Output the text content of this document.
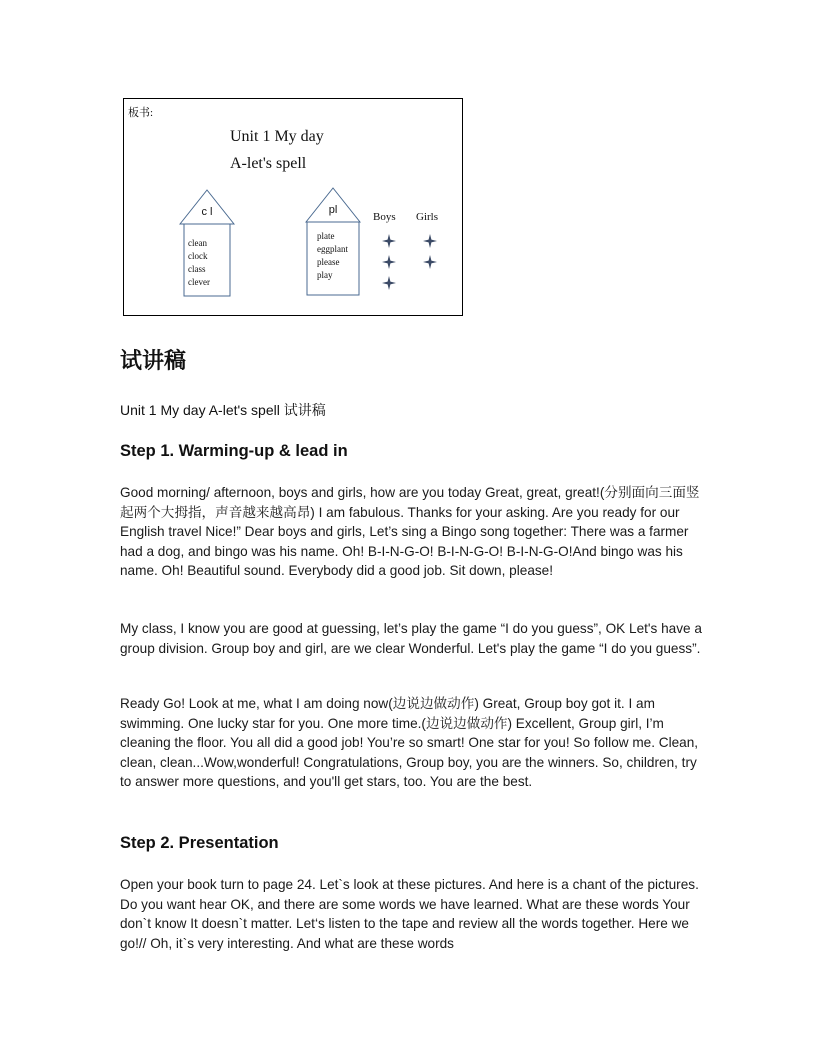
板书:
Unit 1 My day
A-let's spell
c l
clean
clock
class
clever
pl
plate
eggplant
please
play
Boys Girls
试讲稿
Unit 1 My day A-let's spell 试讲稿
Step 1. Warming-up & lead in
Good morning/ afternoon, boys and girls, how are you today Great, great, great!(分别面向三面竖起两个大拇指，声音越来越高昂) I am fabulous. Thanks for your asking. Are you ready for our English travel Nice!” Dear boys and girls, Let’s sing a Bingo song together: There was a farmer had a dog, and bingo was his name. Oh! B-I-N-G-O! B-I-N-G-O! B-I-N-G-O!And bingo was his name. Oh! Beautiful sound. Everybody did a good job. Sit down, please!
My class, I know you are good at guessing, let’s play the game “I do you guess”, OK Let's have a group division. Group boy and girl, are we clear Wonderful. Let's play the game “I do you guess”.
Ready Go! Look at me, what I am doing now(边说边做动作) Great, Group boy got it. I am swimming. One lucky star for you. One more time.(边说边做动作) Excellent, Group girl, I’m cleaning the floor. You all did a good job! You’re so smart! One star for you! So follow me. Clean, clean, clean...Wow,wonderful! Congratulations, Group boy, you are the winners. So, children, try to answer more questions, and you'll get stars, too. You are the best.
Step 2. Presentation
Open your book turn to page 24. Let`s look at these pictures. And here is a chant of the pictures. Do you want hear OK, and there are some words we have learned. What are these words Your don`t know It doesn`t matter. Let‘s listen to the tape and review all the words together. Here we go!// Oh, it`s very interesting. And what are these words
